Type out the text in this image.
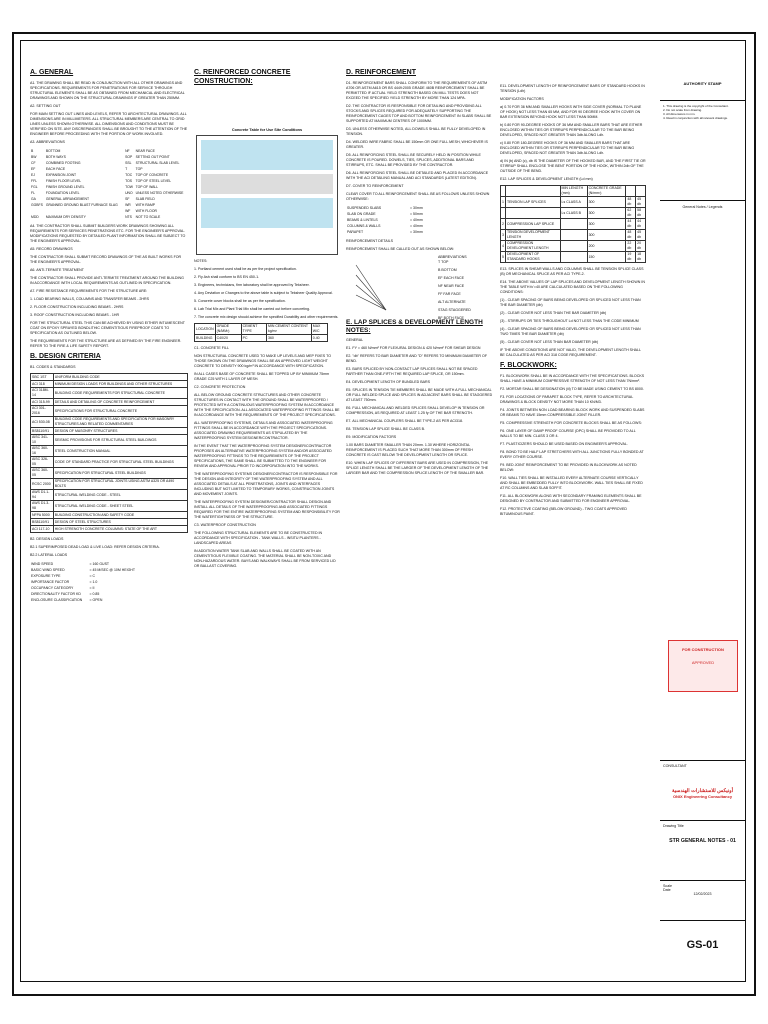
A. GENERAL
A1. THE DRAWING SHALL BE READ IN CONJUNCTION WITH ALL OTHER DRAWINGS AND SPECIFICATIONS. REQUIREMENTS FOR PENETRATIONS FOR SERVICE THROUGH STRUCTURAL ELEMENTS SHALL BE AS OBTAINED FROM MECHANICAL AND ELECTRICAL DRAWINGS AND SHOWN ON THE STRUCTURAL DRAWINGS IF GREATER THAN 250MM.
A2. SETTING OUT
FOR MAIN SETTING OUT LINES AND LEVELS, REFER TO ARCHITECTURAL DRAWINGS. ALL DIMENSIONS ARE IN MILLIMETERS. ALL STRUCTURAL MEMBERS ARE CENTRAL TO GRID LINES UNLESS SHOWN OTHERWISE. ALL DIMENSIONS AND CONDITIONS MUST BE VERIFIED ON SITE. ANY DISCREPANCIES SHALL BE BROUGHT TO THE ATTENTION OF THE ENGINEER BEFORE PROCEEDING WITH THE PORTION OF WORK INVOLVED.
A3. ABBREVIATIONS
B	BOTTOM	NF	NEAR FACE
BW	BOTH WAYS	SOP	SETTING OUT POINT
CF	COMBINED FOOTING	SSL	STRUCTURAL SLAB LEVEL
EF	EACH FACE	T	TOP
EJ	EXPANSION JOINT	TOC	TOP OF CONCRETE
FFL	FINISH FLOOR LEVEL	TOS	TOP OF STEEL LEVEL
FGL	FINISH GROUND LEVEL	TOW	TOP OF WALL
FL	FOUNDATION LEVEL	UNO	UNLESS NOTED OTHERWISE
GA	GENERAL ARRANGEMENT	SF	SLAB FIELD
GGBFS	GRANNED GROUND BLAST FURNACE SLAG	WR	WITH RAMP
		WF	WITH FLOOR
MDD	MAXIMUM DRY DENSITY	NTS	NOT TO SCALE
A4. THE CONTRACTOR SHALL SUBMIT BUILDERS WORK DRAWINGS SHOWING ALL REQUIREMENTS FOR SERVICES PENETRATIONS ETC. FOR THE ENGINEER'S APPROVAL. MODIFICATIONS REQUESTED BY DETAILED PLANT INFORMATION SHALL BE SUBJECT TO THE ENGINEER'S APPROVAL.
A5. RECORD DRAWINGS
THE CONTRACTOR SHALL SUBMIT RECORD DRAWINGS OF THE AS BUILT WORKS FOR THE ENGINEER'S APPROVAL.
A6. ANTI-TERMITE TREATMENT
THE CONTRACTOR SHALL PROVIDE ANTI-TERMITE TREATMENT AROUND THE BUILDING IN ACCORDANCE WITH LOCAL REQUIREMENTS AS OUTLINED IN SPECIFICATION.
A7. FIRE RESISTANCE REQUIREMENTS FOR THE STRUCTURE ARE:
1. LOAD BEARING WALLS, COLUMNS AND TRANSFER BEAMS - 2HRS
2. FLOOR CONSTRUCTION INCLUDING BEAMS - 2HRS
3. ROOF CONSTRUCTION INCLUDING BEAMS - 1HR
FOR THE STRUCTURAL STEEL THIS CAN BE ACHIEVED BY USING EITHER INTUMESCENT COAT ON EPOXY SPRAYED BONDLITHIC CEMENTITIOUS FIREPROOF COATS TO SPECIFICATION AS OUTLINED BELOW.
THE REQUIREMENTS FOR THE STRUCTURE ARE AS DEFINED BY THE FIRE ENGINEER. REFER TO THE FIRE & LIFE SAFETY REPORT.
B. DESIGN CRITERIA
B1. CODES & STANDARDS
SBC 1ST	UNIFORM BUILDING CODE
ACI 318	MINIMUM DESIGN LOADS FOR BUILDINGS AND OTHER STRUCTURES
ACI 318M-14	BUILDING CODE REQUIREMENTS FOR STRUCTURAL CONCRETE
ACI 315-99	DETAILS AND DETAILING OF CONCRETE REINFORCEMENT
ACI 301-2016	SPECIFICATIONS FOR STRUCTURAL CONCRETE
ACI 530-08	BUILDING CODE REQUIREMENTS AND SPECIFICATION FOR MASONRY STRUCTURES AND RELATED COMMENTARIES
BS8110/91	DESIGN OF MASONRY STRUCTURES
AISC 341-10	SEISMIC PROVISIONS FOR STRUCTURAL STEEL BUILDINGS
AISC 360-16	STEEL CONSTRUCTION MANUAL
AISC 326-05	CODE OF STANDARD PRACTICE FOR STRUCTURAL STEEL BUILDINGS
AISC 360-05	SPECIFICATION FOR STRUCTURAL STEEL BUILDINGS
RCSC 2000	SPECIFICATION FOR STRUCTURAL JOINTS USING ASTM A325 OR A490 BOLTS
AWS D1.1-94	STRUCTURAL WELDING CODE - STEEL
AWS D1.3-98	STRUCTURAL WELDING CODE - SHEET STEEL
NFPA 5000	BUILDING CONSTRUCTION AND SAFETY CODE
BS8110/91	DESIGN OF STEEL STRUCTURES
ACI 117-10	HIGH STRENGTH CONCRETE COLUMNS: STATE OF THE ART
B2. DESIGN LOADS
B2.1 SUPERIMPOSED DEAD LOAD & LIVE LOAD: REFER DESIGN CRITERIA.
B2.2 LATERAL LOADS
WIND SPEED	= 160 GUST
BASIC WIND SPEED	= 45 M/SEC @ 10M HEIGHT
EXPOSURE TYPE	= C
IMPORTANCE FACTOR	= 1.0
OCCUPANCY CATEGORY	= II
DIRECTIONALITY FACTOR KD	= 0.85
ENCLOSURE CLASSIFICATION	= OPEN
C. REINFORCED CONCRETE CONSTRUCTION:
Concrete Table for Use Site Conditions
NOTES:
1. Portland cement used shall be as per the project specification.
2. Fly Ash shall conform to BS EN 450-1.
3. Engineers, technicians, firm laboratory shall be approved by Teksheer.
4. Any Deviation or Changes to the above table is subject to Teksheer Quality Approval.
5. Concrete cover blocks shall be as per the specification.
6. Lab Trial Mix and Plant Trial Mix shall be carried out before concreting.
7. The concrete mix design should achieve the specified Durability and other requirements.
LOCATION	GRADE (N/MM²)	CEMENT TYPE	MIN CEMENT CONTENT kg/m³	MAX W/C
BUILDING	C40/20	PC	360	0.40
C1. CONCRETE FILL
NON STRUCTURAL CONCRETE USED TO MAKE UP LEVELS AND MEP FIXES TO THOSE SHOWN ON THE DRAWINGS SHALL BE AN APPROVED LIGHT WEIGHT CONCRETE TO DENSITY 900 kg/m³ IN ACCORDANCE WITH SPECIFICATION.
IN ALL CASES BASE OF CONCRETE SHALL BE TOPPED UP BY MINIMUM 75mm GRADE C25 WITH 1 LAYER OF MESH.
C2. CONCRETE PROTECTION
ALL BELOW GROUND CONCRETE STRUCTURES AND OTHER CONCRETE STRUCTURES IN CONTACT WITH THE GROUND SHALL BE WATERPROOFED / PROTECTED WITH A CONTINUOUS WATERPROOFING SYSTEM IN ACCORDANCE WITH THE SPECIFICATION. ALL ASSOCIATED WATERPROOFING FITTINGS SHALL BE IN ACCORDANCE WITH THE REQUIREMENTS OF THE PROJECT SPECIFICATIONS.
ALL WATERPROOFING SYSTEMS, DETAILS AND ASSOCIATED WATERPROOFING FITTINGS SHALL BE IN ACCORDANCE WITH THE PROJECT SPECIFICATIONS. ASSOCIATED DRAWING REQUIREMENTS AS STIPULATED BY THE WATERPROOFING SYSTEM DESIGNER/CONTRACTOR.
IN THE EVENT THAT THE WATERPROOFING SYSTEM DESIGNER/CONTRACTOR PROPOSES AN ALTERNATIVE WATERPROOFING SYSTEM AND/OR ASSOCIATED WATERPROOFING FITTINGS TO THE REQUIREMENTS OF THE PROJECT SPECIFICATIONS, THE SAME SHALL BE SUBMITTED TO THE ENGINEER FOR REVIEW AND APPROVAL PRIOR TO INCORPORATION INTO THE WORKS.
THE WATERPROOFING SYSTEMS DESIGNER/CONTRACTOR IS RESPONSIBLE FOR THE DESIGN AND INTEGRITY OF THE WATERPROOFING SYSTEM AND ALL ASSOCIATED DETAILS AT ALL PENETRATIONS, JOINTS AND INTERFACES INCLUDING BUT NOT LIMITED TO TEMPORARY WORKS, CONSTRUCTION JOINTS AND MOVEMENT JOINTS.
THE WATERPROOFING SYSTEM DESIGNER/CONTRACTOR SHALL DESIGN AND INSTALL ALL DETAILS OF THE WATERPROOFING AND ASSOCIATED FITTINGS REQUIRED FOR THE ENTIRE WATERPROOFING SYSTEM AND RESPONSIBILITY FOR THE WATERTIGHTNESS OF THE STRUCTURE.
C3. WATERPROOF CONSTRUCTION
THE FOLLOWING STRUCTURAL ELEMENTS ARE TO BE CONSTRUCTED IN ACCORDANCE WITH SPECIFICATION - TANK WALLS - INSITU PLANTERS - LANDSCAPED AREAS
IN ADDITION WATER TANK SLAB AND WALLS SHALL BE COATED WITH AN CEMENTITIOUS FLEXIBLE COATING. THE MATERIAL SHALL BE NON-TOXIC AND NON-HAZARDOUS WATER. BAYS AND WALKWAYS SHALL BE FROM SERVICED LID OR BALLAST COVERING.
D. REINFORCEMENT
D1. REINFORCEMENT BARS SHALL CONFORM TO THE REQUIREMENTS OF ASTM A706 OR ASTM A615 OR BS 4449:2005 GRADE 460B REINFORCEMENT SHALL BE PERMITTED IF ACTUAL YIELD STRENGTH BASED ON MILL TESTS DOES NOT EXCEED THE SPECIFIED YIELD STRENGTH BY MORE THAN 124 MPA.
D2. THE CONTRACTOR IS RESPONSIBLE FOR DETAILING AND PROVIDING ALL STOCKS AND SPLICES REQUIRED FOR ADEQUATELY SUPPORTING THE REINFORCEMENT CAGES TOP AND BOTTOM REINFORCEMENT IN SLABS SHALL BE SUPPORTED AT MAXIMUM CENTRES OF 1000MM.
D3. UNLESS OTHERWISE NOTED, ALL DOWELS SHALL BE FULLY DEVELOPED IN TENSION.
D4. WELDED WIRE FABRIC SHALL BE 150mm OR ONE FULL MESH, WHICHEVER IS GREATER.
D5. ALL REINFORCING STEEL SHALL BE SECURELY HELD IN POSITION WHILE CONCRETE IS POURED. DOWELS, TIES, SPLICES, ADDITIONAL BARS AND STIRRUPS, ETC. SHALL BE PROVIDED BY THE CONTRACTOR.
D6. ALL REINFORCING STEEL SHALL BE DETAILED AND PLACED IN ACCORDANCE WITH THE ACI DETAILING MANUAL AND ACI STANDARDS (LATEST EDITION).
D7. COVER TO REINFORCEMENT
CLEAR COVER TO ALL REINFORCEMENT SHALL BE AS FOLLOWS UNLESS SHOWN OTHERWISE:
SUSPENDED SLABS	= 30mm
SLAB ON GRADE	= 50mm
BEAMS & LINTELS	= 40mm
COLUMNS & WALLS	= 40mm
PARAPET	= 30mm
REINFORCEMENT DETAILS
REINFORCEMENT SHALL BE CALLED OUT AS SHOWN BELOW:
ABBREVIATIONS
T TOP
B BOTTOM
EF EACH FACE
NF NEAR FACE
FF FAR FACE
ALT ALTERNATE
STAG STAGGERED
BF BOTH FACE
E. LAP SPLICES & DEVELOPMENT LENGTH NOTES:
GENERAL
E1. FY = 460 N/mm² FOR FLEXURAL DESIGN & 420 N/mm² FOR SHEAR DESIGN
E2. "db" REFERS TO BAR DIAMETER AND "D" REFERS TO MINIMUM DIAMETER OF BEND.
E3. BARS SPLICED BY NON-CONTACT LAP SPLICES SHALL NOT BE SPACED FARTHER THAN ONE-FIFTH THE REQUIRED LAP SPLICE, OR 150mm.
E4. DEVELOPMENT LENGTH OF BUNDLED BARS
E5. SPLICES IN TENSION TIE MEMBERS SHALL BE MADE WITH A FULL MECHANICAL OR FULL WELDED SPLICE AND SPLICES IN ADJACENT BARS SHALL BE STAGGERED AT LEAST 750mm.
E6. FULL MECHANICAL AND WELDED SPLICES SHALL DEVELOP IN TENSION OR COMPRESSION, AS REQUIRED AT LEAST 1.25 fy OF THE BAR STRENGTH.
E7. ALL MECHANICAL COUPLERS SHALL BE TYPE-2 AS PER ACI318.
E8. TENSION LAP SPLICE SHALL BE CLASS B.
E9. MODIFICATION FACTORS
1.00 BARS DIAMETER SMALLER THAN 20mm. 1.30 WHERE HORIZONTAL REINFORCEMENT IS PLACED SUCH THAT MORE THAN 300mm OF FRESH CONCRETE IS CAST BELOW THE DEVELOPMENT LENGTH OR SPLICE.
E10. WHEN LAP SPLICES OF DIFFERENT BARS ARE USED IN COMPRESSION, THE SPLICE LENGTH SHALL BE THE LARGER OF THE DEVELOPMENT LENGTH OF THE LARGER BAR AND THE COMPRESSION SPLICE LENGTH OF THE SMALLER BAR.
E11. DEVELOPMENT LENGTH OF REINFORCEMENT BARS OF STANDARD HOOKS IN TENSION (Ldh)
MODIFICATION FACTORS
a) 0.70 FOR 36 MM AND SMALLER HOOKS WITH SIDE COVER (NORMAL TO PLANE OF HOOK) NOT LESS THAN 65 MM, AND FOR 90 DEGREE HOOK WITH COVER ON BAR EXTENSION BEYOND HOOK NOT LESS THAN 50MM.
b) 0.80 FOR 90-DEGREE HOOKS OF 36 MM AND SMALLER BARS THAT ARE EITHER ENCLOSED WITHIN TIES OR STIRRUPS PERPENDICULAR TO THE BAR BEING DEVELOPED, SPACED NOT GREATER THAN 3db ALONG Ldh.
c) 0.80 FOR 180-DEGREE HOOKS OF 36 MM AND SMALLER BARS THAT ARE ENCLOSED WITHIN TIES OR STIRRUPS PERPENDICULAR TO THE BAR BEING DEVELOPED, SPACED NOT GREATER THAN 3db ALONG Ldh.
d) IN (b) AND (c), db IS THE DIAMETER OF THE HOOKED BAR, AND THE FIRST TIE OR STIRRUP SHALL ENCLOSE THE BENT PORTION OF THE HOOK, WITHIN 2db OF THE OUTSIDE OF THE BEND.
E12. LAP SPLICES & DEVELOPMENT LENGTH (Ld mm)
		MIN LENGTH (mm)	CONCRETE GRADE (N/mm²)		
1	TENSION LAP SPLICES	Ls CLASS A	300	48 db	45 db
		Ls CLASS B	300	62 db	58 db
2	COMPRESSION LAP SPLICE		300	44 db	44 db
3	TENSION DEVELOPMENT LENGTH		300	48 db	45 db
4	COMPRESSION DEVELOPMENT LENGTH		200	22 db	20 db
5	DEVELOPMENT OF STANDARD HOOKS		150	19 db	18 db
E13. SPLICES IN SHEAR WALLS AND COLUMNS SHALL BE TENSION SPLICE CLASS (B) OR MECHANICAL SPLICE AS PER ACI TYPE-2.
E14. THE ABOVE VALUES OF LAP SPLICES AND DEVELOPMENT LENGTH SHOWN IN THE TABLE WITH fc'=40 ARE CALCULATED BASED ON THE FOLLOWING CONDITIONS:
(1) - CLEAR SPACING OF BARS BEING DEVELOPED OR SPLICED NOT LESS THAN THE BAR DIAMETER (db)
(2) - CLEAR COVER NOT LESS THAN THE BAR DIAMETER (db)
(3) - STIRRUPS OR TIES THROUGHOUT Ld NOT LESS THAN THE CODE MINIMUM
(4) - CLEAR SPACING OF BARS BEING DEVELOPED OR SPLICED NOT LESS THAN TWO TIMES THE BAR DIAMETER (db)
(5) - CLEAR COVER NOT LESS THAN BAR DIAMETER (db)
IF THE ABOVE CONDITIONS ARE NOT VALID, THE DEVELOPMENT LENGTH SHALL BE CALCULATED AS PER ACI 318 CODE REQUIREMENT.
F. BLOCKWORK:
F1. BLOCKWORK SHALL BE IN ACCORDANCE WITH THE SPECIFICATIONS. BLOCKS SHALL HAVE A MINIMUM COMPRESSIVE STRENGTH OF NOT LESS THAN 7N/mm².
F2. MORTAR SHALL BE DESIGNATION (iii) TO BE MADE USING CEMENT TO BS 8000.
F3. FOR LOCATIONS OF PARAPET BLOCK TYPE, REFER TO ARCHITECTURAL DRAWINGS & BLOCK DENSITY NOT MORE THAN 10 KN/M3.
F4. JOINTS BETWEEN NON LOAD BEARING BLOCK WORK AND SUSPENDED SLABS OR BEAMS TO HAVE 15mm COMPRESSIBLE JOINT FILLER.
F5. COMPRESSIVE STRENGTH FOR CONCRETE BLOCKS SHALL BE AS FOLLOWS:
F6. ONE LAYER OF DAMP PROOF COURSE (DPC) SHALL BE PROVIDED TO ALL WALLS TO BE MIN. CLASS 3 OR 4.
F7. PLASTICIZERS SHOULD BE USED BASED ON ENGINEER'S APPROVAL.
F8. BOND TO BE HALF LAP STRETCHERS WITH ALL JUNCTIONS FULLY BONDED AT EVERY OTHER COURSE.
F9. BED JOINT REINFORCEMENT TO BE PROVIDED IN BLOCKWORK AS NOTED BELOW:
F10. WALL TIES SHALL BE INSTALLED EVERY ALTERNATE COURSE VERTICALLY AND SHALL BE EMBEDDED FULLY INTO BLOCKWORK. WALL TIES SHALL BE FIXED AT RC COLUMNS AND SLAB SOFFIT.
F11. ALL BLOCKWORK ALONG WITH SECONDARY FRAMING ELEMENTS SHALL BE DESIGNED BY CONTRACTOR AND SUBMITTED FOR ENGINEER APPROVAL.
F12. PROTECTIVE COATING (BELOW GROUND) - TWO COATS APPROVED BITUMINOUS PAINT.
AUTHORITY STAMP
1. This drawing is the copyright of the Consultant.
2. Do not scale from drawing.
3. All dimensions in mm.
4. Read in conjunction with all relevant drawings.
General Notes / Legends
CONSULTANT
أونيكس للاستشارات الهندسية
ONIX Engineering Consultancy
Drawing Title
STR GENERAL NOTES - 01
Scale
Date
12/02/2023
GS-01
FOR CONSTRUCTION
APPROVED
